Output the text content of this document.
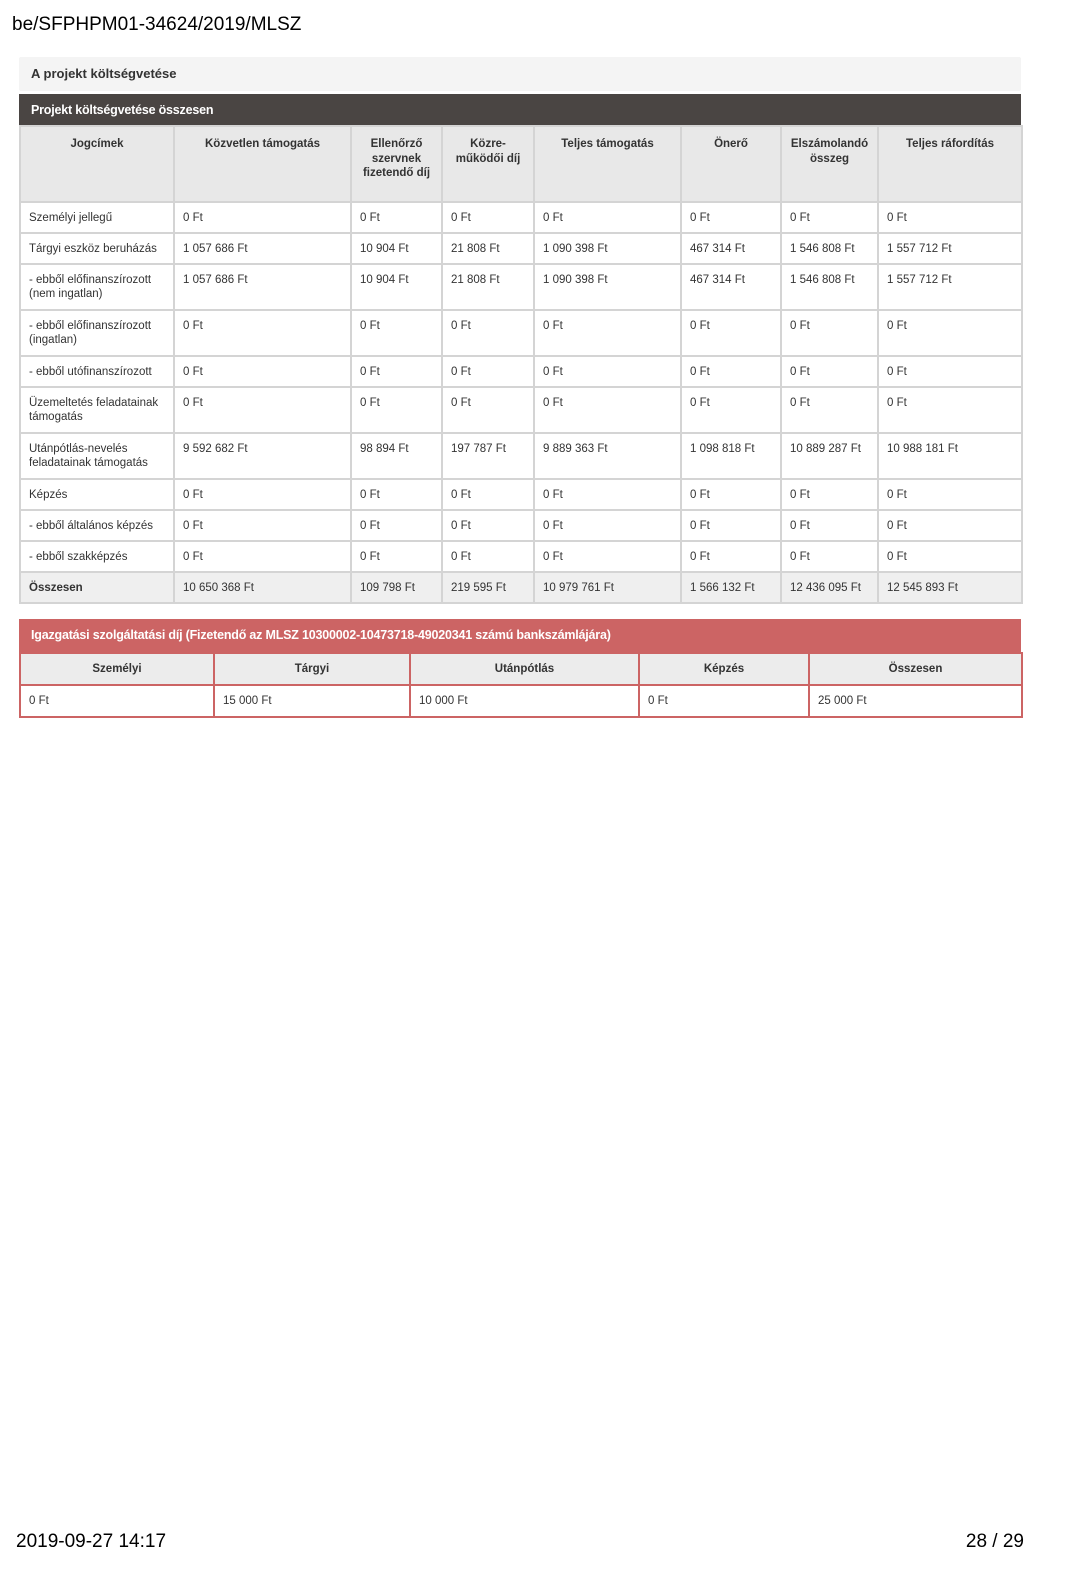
be/SFPHPM01-34624/2019/MLSZ
A projekt költségvetése
Projekt költségvetése összesen
Jogcímek	Közvetlen támogatás	Ellenőrző szervnek fizetendő díj	Közre-működői díj	Teljes támogatás	Önerő	Elszámolandó összeg	Teljes ráfordítás
Személyi jellegű	0 Ft	0 Ft	0 Ft	0 Ft	0 Ft	0 Ft	0 Ft
Tárgyi eszköz beruházás	1 057 686 Ft	10 904 Ft	21 808 Ft	1 090 398 Ft	467 314 Ft	1 546 808 Ft	1 557 712 Ft
- ebből előfinanszírozott (nem ingatlan)	1 057 686 Ft	10 904 Ft	21 808 Ft	1 090 398 Ft	467 314 Ft	1 546 808 Ft	1 557 712 Ft
- ebből előfinanszírozott (ingatlan)	0 Ft	0 Ft	0 Ft	0 Ft	0 Ft	0 Ft	0 Ft
- ebből utófinanszírozott	0 Ft	0 Ft	0 Ft	0 Ft	0 Ft	0 Ft	0 Ft
Üzemeltetés feladatainak támogatás	0 Ft	0 Ft	0 Ft	0 Ft	0 Ft	0 Ft	0 Ft
Utánpótlás-nevelés feladatainak támogatás	9 592 682 Ft	98 894 Ft	197 787 Ft	9 889 363 Ft	1 098 818 Ft	10 889 287 Ft	10 988 181 Ft
Képzés	0 Ft	0 Ft	0 Ft	0 Ft	0 Ft	0 Ft	0 Ft
- ebből általános képzés	0 Ft	0 Ft	0 Ft	0 Ft	0 Ft	0 Ft	0 Ft
- ebből szakképzés	0 Ft	0 Ft	0 Ft	0 Ft	0 Ft	0 Ft	0 Ft
Összesen	10 650 368 Ft	109 798 Ft	219 595 Ft	10 979 761 Ft	1 566 132 Ft	12 436 095 Ft	12 545 893 Ft
Igazgatási szolgáltatási díj (Fizetendő az MLSZ 10300002-10473718-49020341 számú bankszámlájára)
Személyi	Tárgyi	Utánpótlás	Képzés	Összesen
0 Ft	15 000 Ft	10 000 Ft	0 Ft	25 000 Ft
2019-09-27 14:17	28 / 29
